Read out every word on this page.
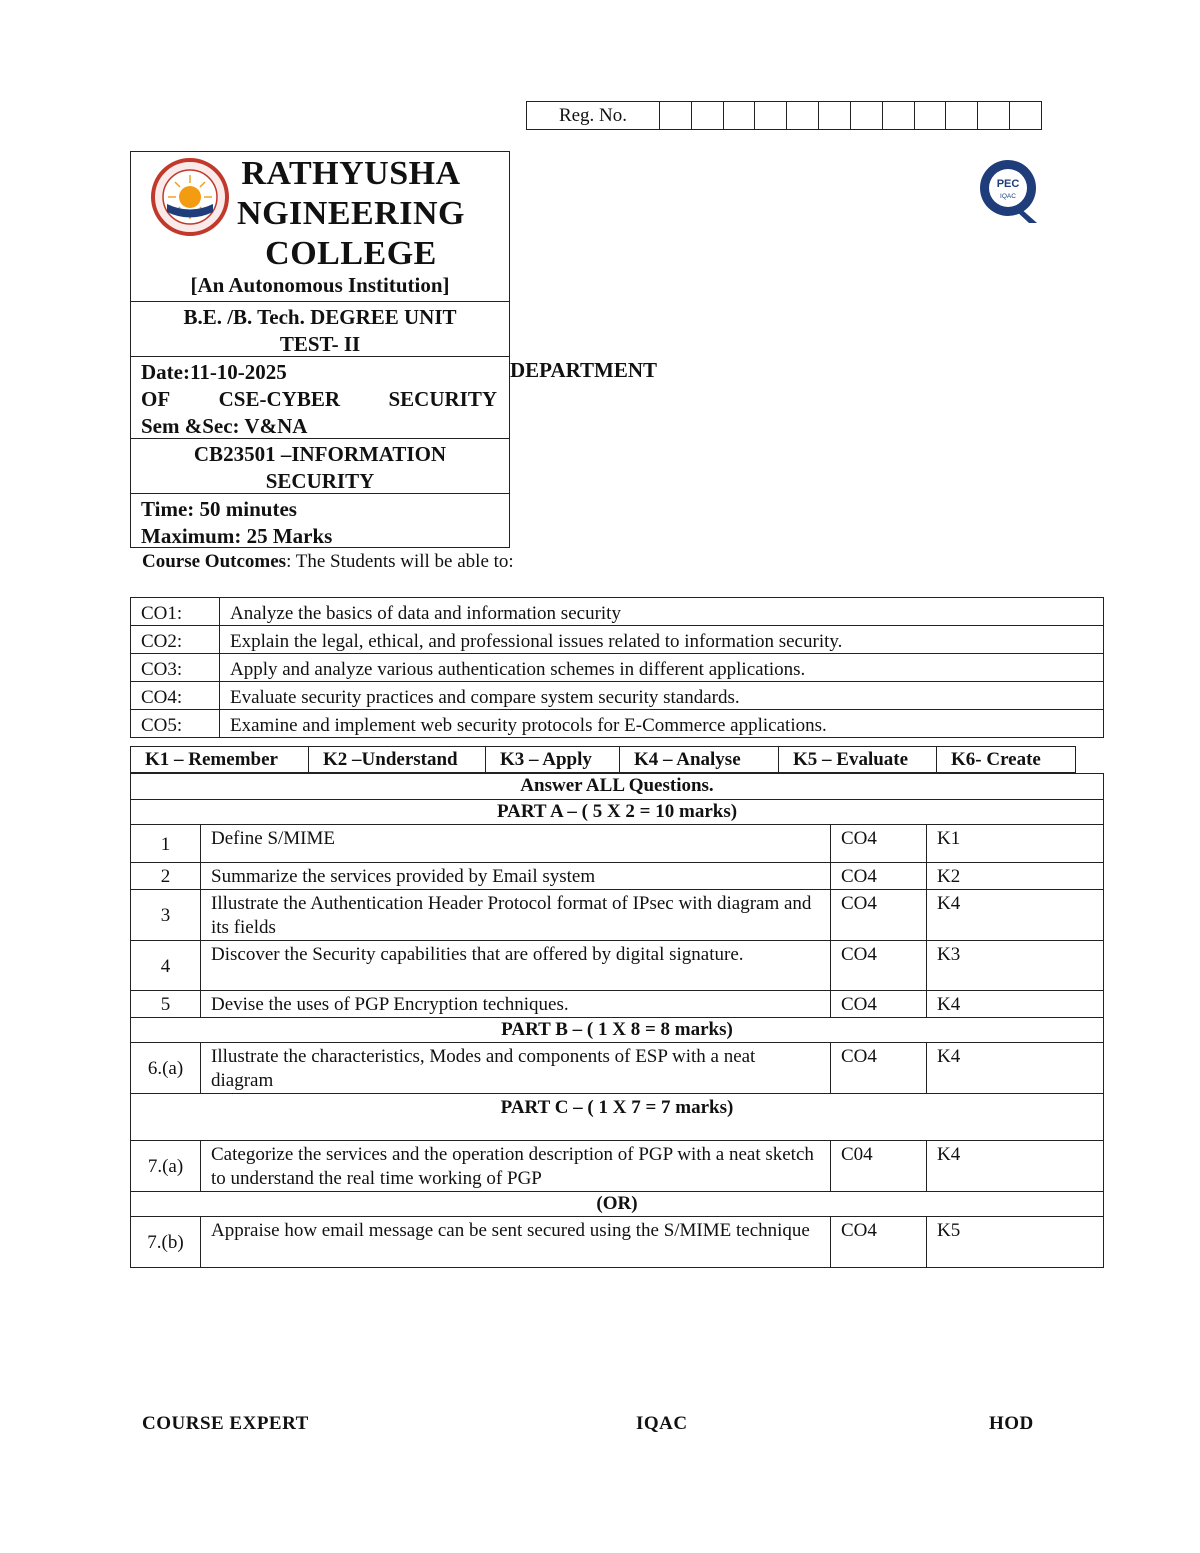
Reg. No.
RATHYUSHA
NGINEERING
COLLEGE
[An Autonomous Institution]
B.E. /B. Tech. DEGREE UNIT TEST- II
Date:11-10-2025
OF CSE-CYBER SECURITY
Sem &Sec: V&NA
CB23501 –INFORMATION SECURITY
Time: 50 minutes
Maximum: 25 Marks
DEPARTMENT
PEC
IQAC
Course Outcomes: The Students will be able to:
CO1:	Analyze the basics of data and information security
CO2:	Explain the legal, ethical, and professional issues related to information security.
CO3:	Apply and analyze various authentication schemes in different applications.
CO4:	Evaluate security practices and compare system security standards.
CO5:	Examine and implement web security protocols for E-Commerce applications.
K1 – Remember	K2 –Understand	K3 – Apply	K4 – Analyse	K5 – Evaluate	K6- Create
Answer ALL Questions.			
PART A – ( 5 X 2 = 10 marks)			
1	Define S/MIME	CO4	K1
2	Summarize the services provided by Email system	CO4	K2
3	Illustrate the Authentication Header Protocol format of IPsec with diagram and its fields	CO4	K4
4	Discover the Security capabilities that are offered by digital signature.	CO4	K3
5	Devise the uses of PGP Encryption techniques.	CO4	K4
PART B – ( 1 X 8 = 8 marks)			
6.(a)	Illustrate the characteristics, Modes and components of ESP with a neat diagram	CO4	K4
PART C – ( 1 X 7 = 7 marks)			
7.(a)	Categorize the services and the operation description of PGP with a neat sketch to understand the real time working of PGP	C04	K4
(OR)			
7.(b)	Appraise how email message can be sent secured using the S/MIME technique	CO4	K5
COURSE EXPERT	IQAC	HOD
